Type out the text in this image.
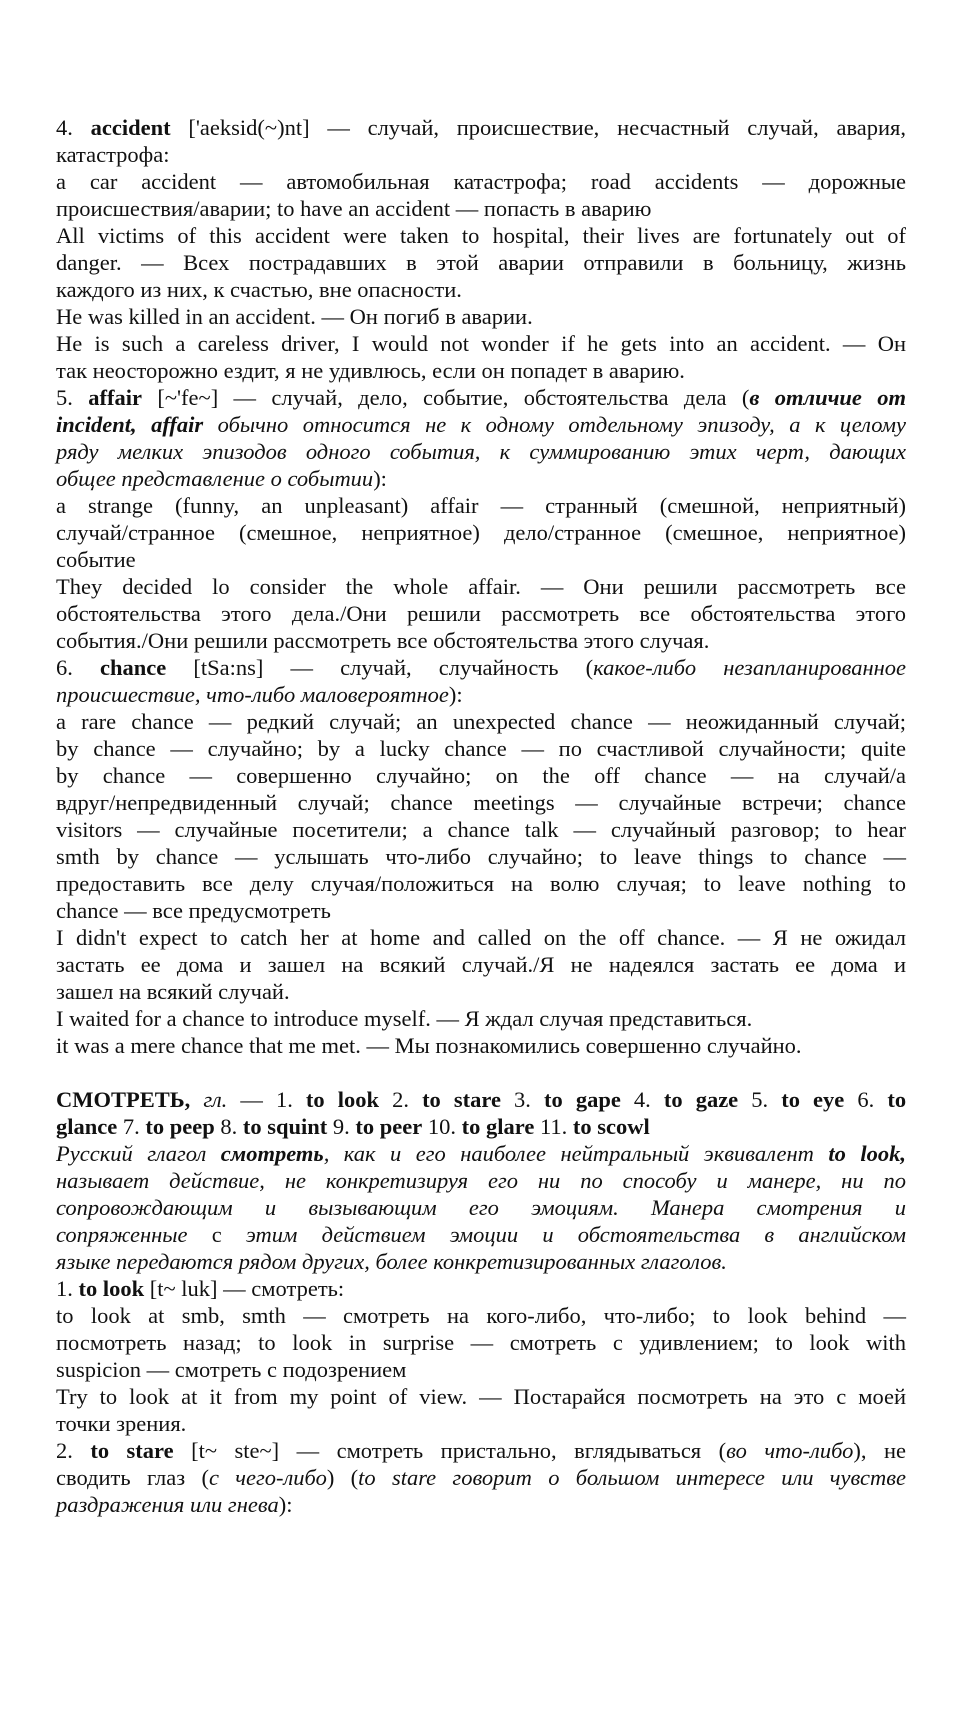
4. accident ['aeksid(~)nt] — случай, происшествие, несчастный случай, авария,
катастрофа:
a car accident — автомобильная катастрофа; road accidents — дорожные
происшествия/аварии; to have an accident — попасть в аварию
All victims of this accident were taken to hospital, their lives are fortunately out of
danger. — Всех пострадавших в этой аварии отправили в больницу, жизнь
каждого из них, к счастью, вне опасности.
He was killed in an accident. — Он погиб в аварии.
He is such a careless driver, I would not wonder if he gets into an accident. — Он
так неосторожно ездит, я не удивлюсь, если он попадет в аварию.
5. affair [~'fe~] — случай, дело, событие, обстоятельства дела (в отличие от
incident, affair обычно относится не к одному отдельному эпизоду, а к целому
ряду мелких эпизодов одного события, к суммированию этих черт, дающих
общее представление о событии):
a strange (funny, an unpleasant) affair — странный (смешной, неприятный)
случай/странное (смешное, неприятное) дело/странное (смешное, неприятное)
событие
They decided lo consider the whole affair. — Они решили рассмотреть все
обстоятельства этого дела./Они решили рассмотреть все обстоятельства этого
события./Они решили рассмотреть все обстоятельства этого случая.
6. chance [tSa:ns] — случай, случайность (какое-либо незапланированное
происшествие, что-либо маловероятное):
a rare chance — редкий случай; an unexpected chance — неожиданный случай;
by chance — случайно; by a lucky chance — по счастливой случайности; quite
by chance — совершенно случайно; on the off chance — на случай/а
вдруг/непредвиденный случай; chance meetings — случайные встречи; chance
visitors — случайные посетители; a chance talk — случайный разговор; to hear
smth by chance — услышать что-либо случайно; to leave things to chance —
предоставить все делу случая/положиться на волю случая; to leave nothing to
chance — все предусмотреть
I didn't expect to catch her at home and called on the off chance. — Я не ожидал
застать ее дома и зашел на всякий случай./Я не надеялся застать ее дома и
зашел на всякий случай.
I waited for a chance to introduce myself. — Я ждал случая представиться.
it was a mere chance that me met. — Мы познакомились совершенно случайно.
СМОТРЕТЬ, гл. — 1. to look 2. to stare 3. to gape 4. to gaze 5. to eye 6. to
glance 7. to peep 8. to squint 9. to peer 10. to glare 11. to scowl
Русский глагол смотреть, как и его наиболее нейтральный эквивалент to look,
называет действие, не конкретизируя его ни по способу и манере, ни по
сопровождающим и вызывающим его эмоциям. Манера смотрения и
сопряженные с этим действием эмоции и обстоятельства в английском
языке передаются рядом других, более конкретизированных глаголов.
1. to look [t~ luk] — смотреть:
to look at smb, smth — смотреть на кого-либо, что-либо; to look behind —
посмотреть назад; to look in surprise — смотреть с удивлением; to look with
suspicion — смотреть с подозрением
Try to look at it from my point of view. — Постарайся посмотреть на это с моей
точки зрения.
2. to stare [t~ ste~] — смотреть пристально, вглядываться (во что-либо), не
сводить глаз (с чего-либо) (to stare говорит о большом интересе или чувстве
раздражения или гнева):
